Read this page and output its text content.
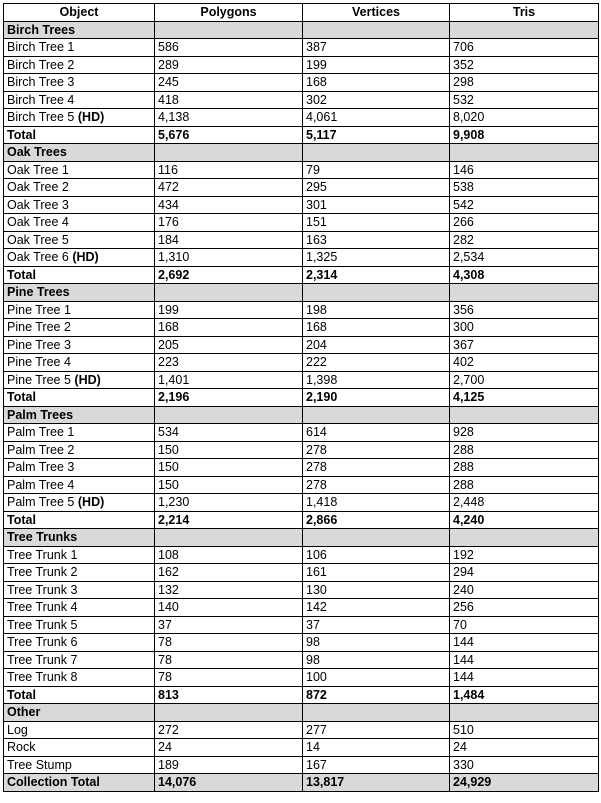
Object	Polygons	Vertices	Tris
Birch Trees			
Birch Tree 1	586	387	706
Birch Tree 2	289	199	352
Birch Tree 3	245	168	298
Birch Tree 4	418	302	532
Birch Tree 5 (HD)	4,138	4,061	8,020
Total	5,676	5,117	9,908
Oak Trees			
Oak Tree 1	116	79	146
Oak Tree 2	472	295	538
Oak Tree 3	434	301	542
Oak Tree 4	176	151	266
Oak Tree 5	184	163	282
Oak Tree 6 (HD)	1,310	1,325	2,534
Total	2,692	2,314	4,308
Pine Trees			
Pine Tree 1	199	198	356
Pine Tree 2	168	168	300
Pine Tree 3	205	204	367
Pine Tree 4	223	222	402
Pine Tree 5 (HD)	1,401	1,398	2,700
Total	2,196	2,190	4,125
Palm Trees			
Palm Tree 1	534	614	928
Palm Tree 2	150	278	288
Palm Tree 3	150	278	288
Palm Tree 4	150	278	288
Palm Tree 5 (HD)	1,230	1,418	2,448
Total	2,214	2,866	4,240
Tree Trunks			
Tree Trunk 1	108	106	192
Tree Trunk 2	162	161	294
Tree Trunk 3	132	130	240
Tree Trunk 4	140	142	256
Tree Trunk 5	37	37	70
Tree Trunk 6	78	98	144
Tree Trunk 7	78	98	144
Tree Trunk 8	78	100	144
Total	813	872	1,484
Other			
Log	272	277	510
Rock	24	14	24
Tree Stump	189	167	330
Collection Total	14,076	13,817	24,929
